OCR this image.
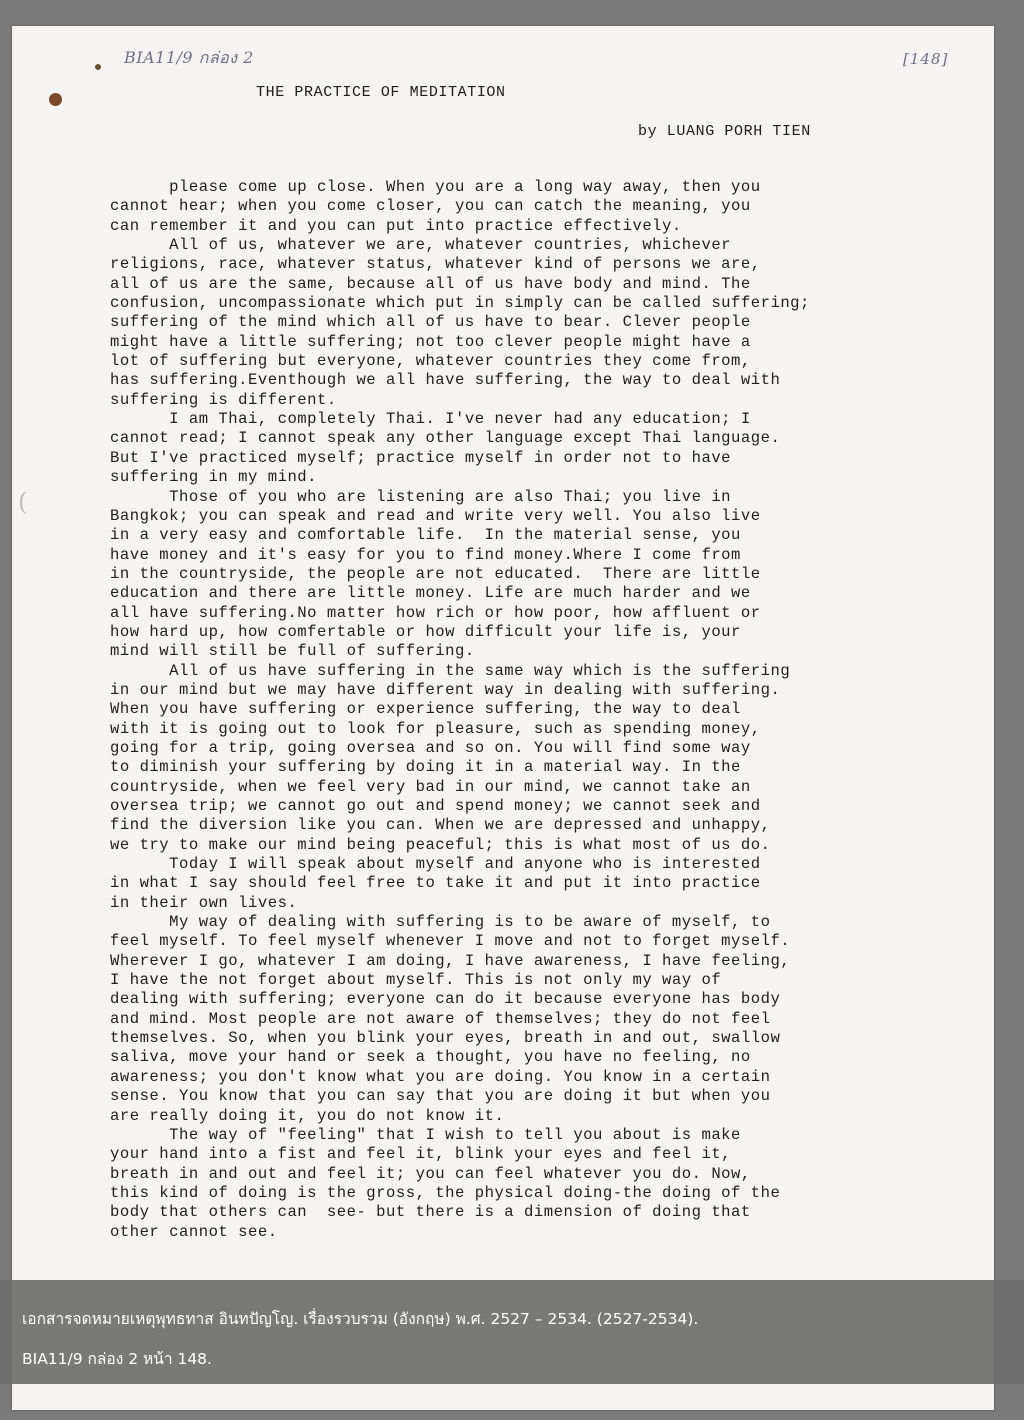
BIA11/9 กล่อง 2	[148]
(
THE PRACTICE OF MEDITATION
by LUANG PORH TIEN
please come up close. When you are a long way away, then you
cannot hear; when you come closer, you can catch the meaning, you
can remember it and you can put into practice effectively.
All of us, whatever we are, whatever countries, whichever
religions, race, whatever status, whatever kind of persons we are,
all of us are the same, because all of us have body and mind. The
confusion, uncompassionate which put in simply can be called suffering;
suffering of the mind which all of us have to bear. Clever people
might have a little suffering; not too clever people might have a
lot of suffering but everyone, whatever countries they come from,
has suffering.Eventhough we all have suffering, the way to deal with
suffering is different.
I am Thai, completely Thai. I've never had any education; I
cannot read; I cannot speak any other language except Thai language.
But I've practiced myself; practice myself in order not to have
suffering in my mind.
Those of you who are listening are also Thai; you live in
Bangkok; you can speak and read and write very well. You also live
in a very easy and comfortable life.  In the material sense, you
have money and it's easy for you to find money.Where I come from
in the countryside, the people are not educated.  There are little
education and there are little money. Life are much harder and we
all have suffering.No matter how rich or how poor, how affluent or
how hard up, how comfertable or how difficult your life is, your
mind will still be full of suffering.
All of us have suffering in the same way which is the suffering
in our mind but we may have different way in dealing with suffering.
When you have suffering or experience suffering, the way to deal
with it is going out to look for pleasure, such as spending money,
going for a trip, going oversea and so on. You will find some way
to diminish your suffering by doing it in a material way. In the
countryside, when we feel very bad in our mind, we cannot take an
oversea trip; we cannot go out and spend money; we cannot seek and
find the diversion like you can. When we are depressed and unhappy,
we try to make our mind being peaceful; this is what most of us do.
Today I will speak about myself and anyone who is interested
in what I say should feel free to take it and put it into practice
in their own lives.
My way of dealing with suffering is to be aware of myself, to
feel myself. To feel myself whenever I move and not to forget myself.
Wherever I go, whatever I am doing, I have awareness, I have feeling,
I have the not forget about myself. This is not only my way of
dealing with suffering; everyone can do it because everyone has body
and mind. Most people are not aware of themselves; they do not feel
themselves. So, when you blink your eyes, breath in and out, swallow
saliva, move your hand or seek a thought, you have no feeling, no
awareness; you don't know what you are doing. You know in a certain
sense. You know that you can say that you are doing it but when you
are really doing it, you do not know it.
The way of "feeling" that I wish to tell you about is make
your hand into a fist and feel it, blink your eyes and feel it,
breath in and out and feel it; you can feel whatever you do. Now,
this kind of doing is the gross, the physical doing-the doing of the
body that others can  see- but there is a dimension of doing that
other cannot see.
เอกสารจดหมายเหตุพุทธทาส อินทปัญโญ. เรื่องรวบรวม (อังกฤษ) พ.ศ. 2527 – 2534. (2527-2534).
BIA11/9 กล่อง 2 หน้า 148.
